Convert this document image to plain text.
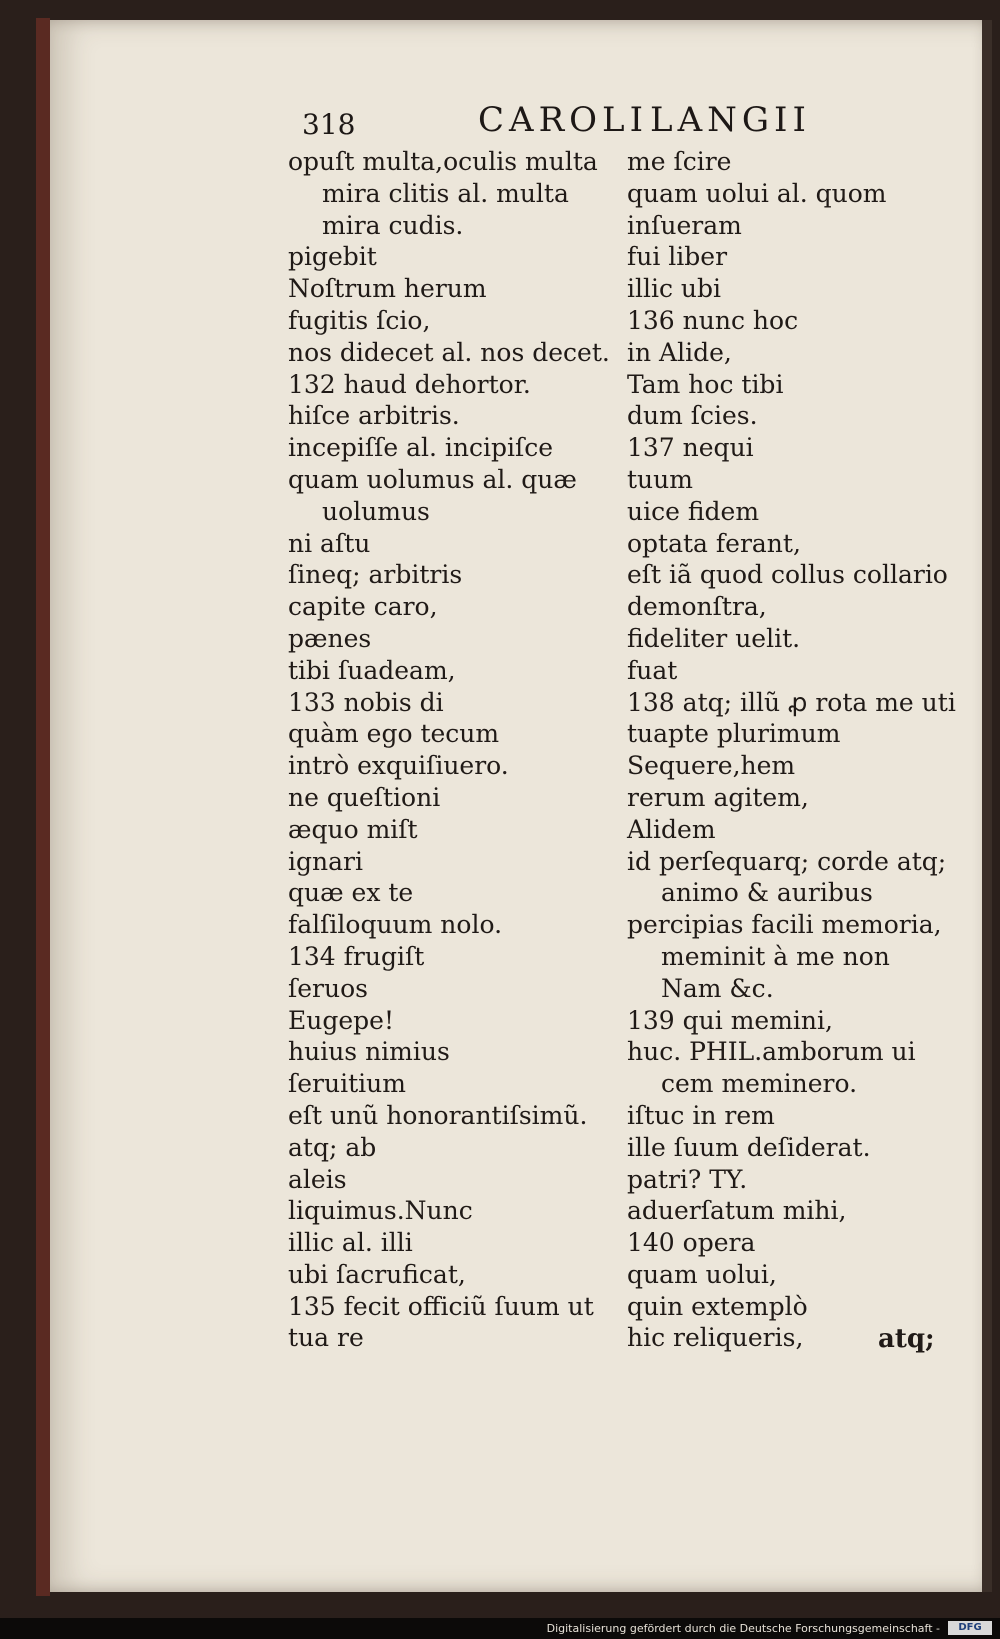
318	CAROLI LANGII
opuſt multa,oculis multa
mira clitis al. multa
mira cudis.
pigebit
Noſtrum herum
fugitis ſcio,
nos didecet al. nos decet.
132 haud dehortor.
hiſce arbitris.
incepiſſe al. incipiſce
quam uolumus al. quæ
uolumus
ni aſtu
ſineq; arbitris
capite caro,
pænes
tibi ſuadeam,
133 nobis di
quàm ego tecum
intrò exquiſiuero.
ne queſtioni
æquo miſt
ignari
quæ ex te
falſiloquum nolo.
134 frugiſt
ſeruos
Eugepe!
huius nimius
ſeruitium
eſt unũ honorantiſsimũ.
atq; ab
aleis
liquimus.Nunc
illic al. illi
ubi ſacruficat,
135 fecit officiũ ſuum ut
tua re
me ſcire
quam uolui al. quom
inſueram
fui liber
illic ubi
136 nunc hoc
in Alide,
Tam hoc tibi
dum ſcies.
137 nequi
tuum
uice fidem
optata ferant,
eſt iã quod collus collario
demonſtra,
fideliter uelit.
fuat
138 atq; illũ ꝓ rota me uti
tuapte plurimum
Sequere,hem
rerum agitem,
Alidem
id perſequarq; corde atq;
animo & auribus
percipias facili memoria,
meminit à me non
Nam &c.
139 qui memini,
huc. PHIL.amborum ui
cem meminero.
iſtuc in rem
ille ſuum deſiderat.
patri? TY.
aduerſatum mihi,
140 opera
quam uolui,
quin extemplò
hic reliqueris,	atq;
Digitalisierung gefördert durch die Deutsche Forschungsgemeinschaft -	DFG
